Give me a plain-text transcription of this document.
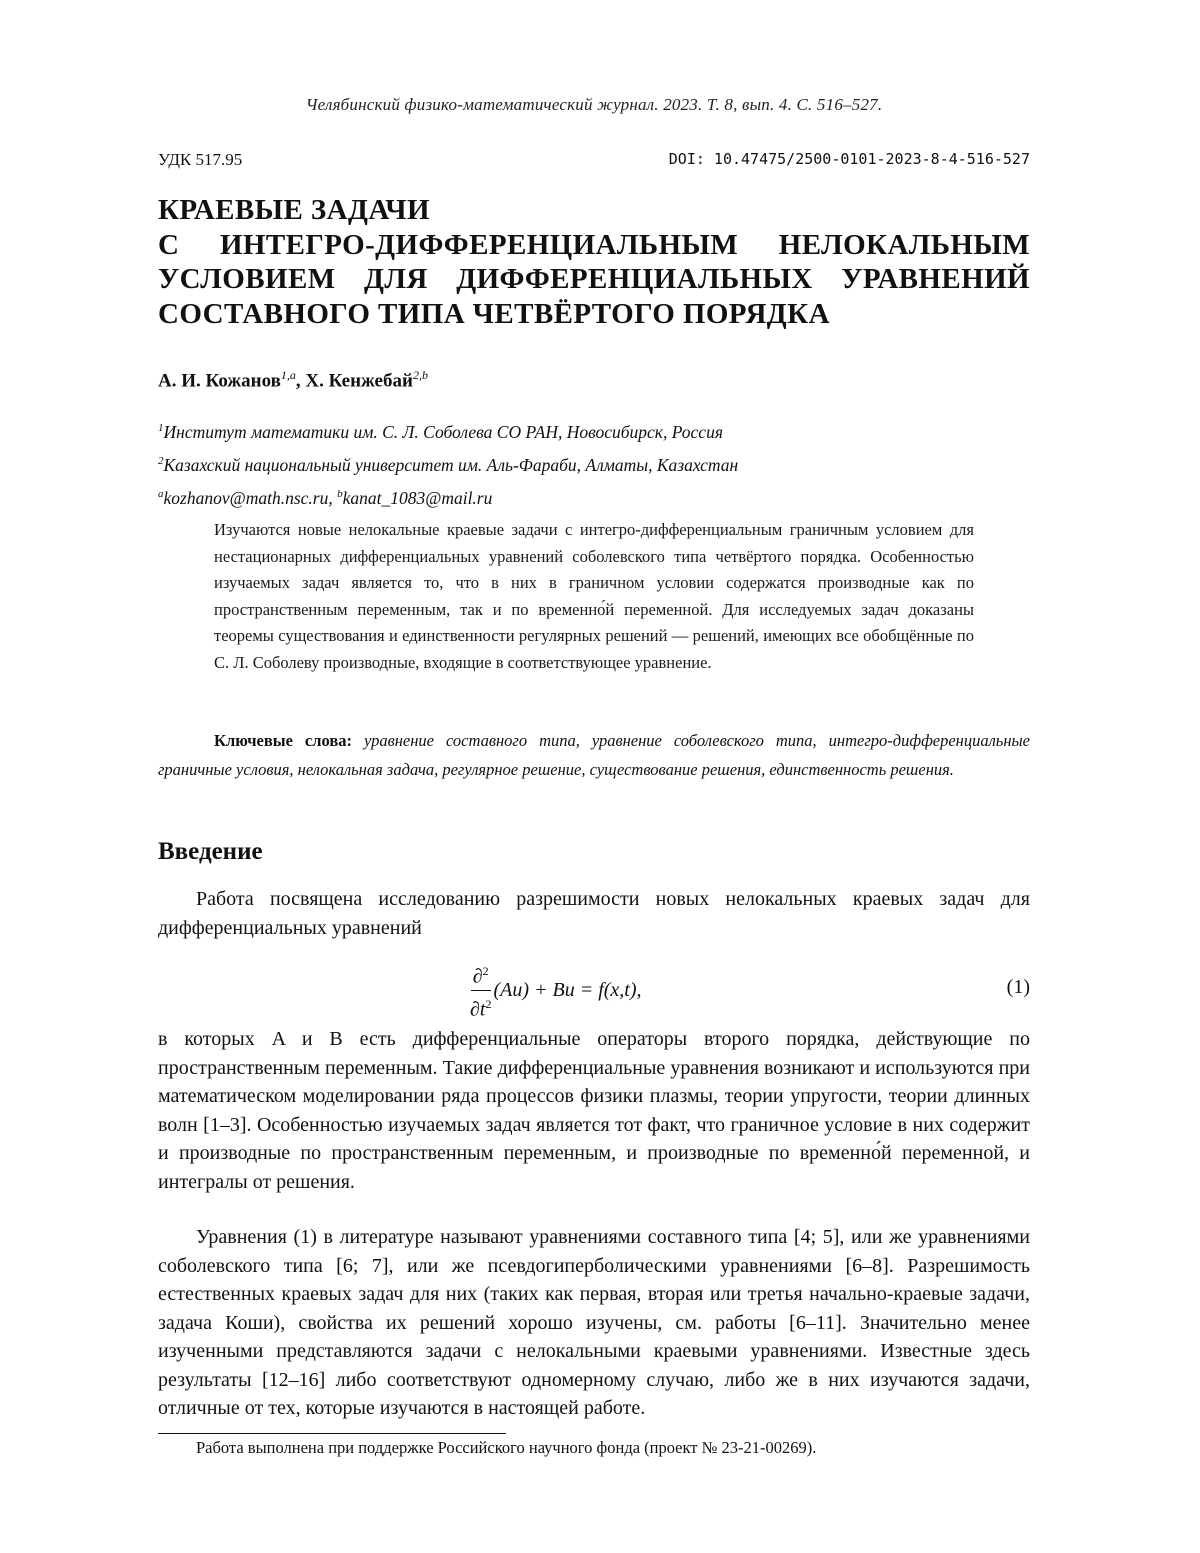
Челябинский физико-математический журнал. 2023. Т. 8, вып. 4. С. 516–527.
УДК 517.95	DOI: 10.47475/2500-0101-2023-8-4-516-527
КРАЕВЫЕ ЗАДАЧИ
С ИНТЕГРО-ДИФФЕРЕНЦИАЛЬНЫМ НЕЛОКАЛЬНЫМ
УСЛОВИЕМ ДЛЯ ДИФФЕРЕНЦИАЛЬНЫХ УРАВНЕНИЙ
СОСТАВНОГО ТИПА ЧЕТВЁРТОГО ПОРЯДКА
А. И. Кожанов$^{1,a}$, Х. Кенжебай$^{2,b}$
$^1$Институт математики им. С. Л. Соболева СО РАН, Новосибирск, Россия
$^2$Казахский национальный университет им. Аль-Фараби, Алматы, Казахстан
$^a$kozhanov@math.nsc.ru, $^b$kanat_1083@mail.ru
Изучаются новые нелокальные краевые задачи с интегро-дифференциальным граничным условием для нестационарных дифференциальных уравнений соболевского типа четвёртого порядка. Особенностью изучаемых задач является то, что в них в граничном условии содержатся производные как по пространственным переменным, так и по временно́й переменной. Для исследуемых задач доказаны теоремы существования и единственности регулярных решений — решений, имеющих все обобщённые по С. Л. Соболеву производные, входящие в соответствующее уравнение.
Ключевые слова: уравнение составного типа, уравнение соболевского типа, интегро-дифференциальные граничные условия, нелокальная задача, регулярное решение, существование решения, единственность решения.
Введение
Работа посвящена исследованию разрешимости новых нелокальных краевых задач для дифференциальных уравнений
$\frac{\partial^2}{\partial t^2} (Au) + Bu = f(x,t)$,	(1)
в которых A и B есть дифференциальные операторы второго порядка, действующие по пространственным переменным. Такие дифференциальные уравнения возникают и используются при математическом моделировании ряда процессов физики плазмы, теории упругости, теории длинных волн [1–3]. Особенностью изучаемых задач является тот факт, что граничное условие в них содержит и производные по пространственным переменным, и производные по временно́й переменной, и интегралы от решения.
Уравнения (1) в литературе называют уравнениями составного типа [4; 5], или же уравнениями соболевского типа [6; 7], или же псевдогиперболическими уравнениями [6–8]. Разрешимость естественных краевых задач для них (таких как первая, вторая или третья начально-краевые задачи, задача Коши), свойства их решений хорошо изучены, см. работы [6–11]. Значительно менее изученными представляются задачи с нелокальными краевыми уравнениями. Известные здесь результаты [12–16] либо соответствуют одномерному случаю, либо же в них изучаются задачи, отличные от тех, которые изучаются в настоящей работе.
Работа выполнена при поддержке Российского научного фонда (проект № 23-21-00269).
